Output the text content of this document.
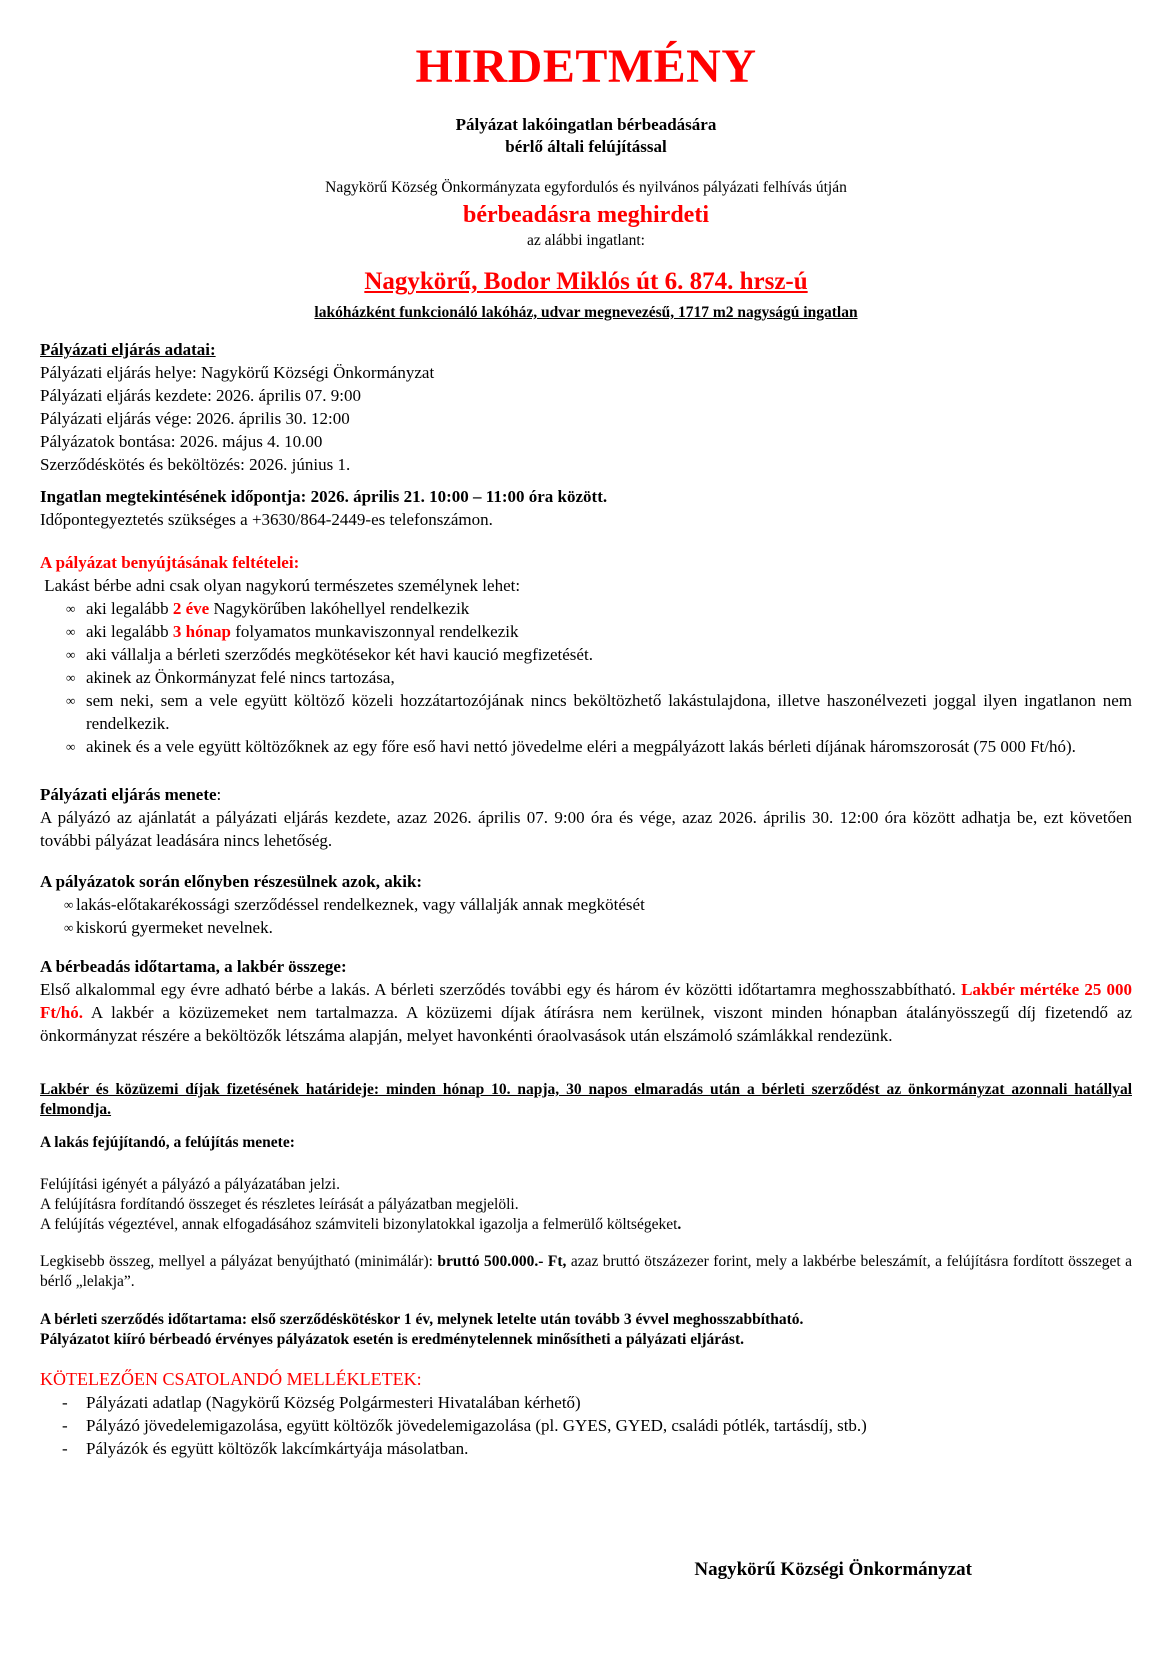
HIRDETMÉNY
Pályázat lakóingatlan bérbeadására
bérlő általi felújítással
Nagykörű Község Önkormányzata egyfordulós és nyilvános pályázati felhívás útján
bérbeadásra meghirdeti
az alábbi ingatlant:
Nagykörű, Bodor Miklós út 6. 874. hrsz-ú
lakóházként funkcionáló lakóház, udvar megnevezésű, 1717 m2 nagyságú ingatlan
Pályázati eljárás adatai:
Pályázati eljárás helye: Nagykörű Községi Önkormányzat
Pályázati eljárás kezdete: 2026. április 07. 9:00
Pályázati eljárás vége: 2026. április 30. 12:00
Pályázatok bontása: 2026. május 4. 10.00
Szerződéskötés és beköltözés: 2026. június 1.
Ingatlan megtekintésének időpontja: 2026. április 21. 10:00 – 11:00 óra között.
Időpontegyeztetés szükséges a +3630/864-2449-es telefonszámon.
A pályázat benyújtásának feltételei:
Lakást bérbe adni csak olyan nagykorú természetes személynek lehet:
∞ aki legalább 2 éve Nagykörűben lakóhellyel rendelkezik
∞ aki legalább 3 hónap folyamatos munkaviszonnyal rendelkezik
∞ aki vállalja a bérleti szerződés megkötésekor két havi kaució megfizetését.
∞ akinek az Önkormányzat felé nincs tartozása,
∞ sem neki, sem a vele együtt költöző közeli hozzátartozójának nincs beköltözhető lakástulajdona, illetve haszonélvezeti joggal ilyen ingatlanon nem rendelkezik.
∞ akinek és a vele együtt költözőknek az egy főre eső havi nettó jövedelme eléri a megpályázott lakás bérleti díjának háromszorosát (75 000 Ft/hó).
Pályázati eljárás menete:
A pályázó az ajánlatát a pályázati eljárás kezdete, azaz 2026. április 07. 9:00 óra és vége, azaz 2026. április 30. 12:00 óra között adhatja be, ezt követően további pályázat leadására nincs lehetőség.
A pályázatok során előnyben részesülnek azok, akik:
∞ lakás-előtakarékossági szerződéssel rendelkeznek, vagy vállalják annak megkötését
∞ kiskorú gyermeket nevelnek.
A bérbeadás időtartama, a lakbér összege:
Első alkalommal egy évre adható bérbe a lakás. A bérleti szerződés további egy és három év közötti időtartamra meghosszabbítható. Lakbér mértéke 25 000 Ft/hó. A lakbér a közüzemeket nem tartalmazza. A közüzemi díjak átírásra nem kerülnek, viszont minden hónapban átalányösszegű díj fizetendő az önkormányzat részére a beköltözők létszáma alapján, melyet havonkénti óraolvasások után elszámoló számlákkal rendezünk.
Lakbér és közüzemi díjak fizetésének határideje: minden hónap 10. napja, 30 napos elmaradás után a bérleti szerződést az önkormányzat azonnali hatállyal felmondja.
A lakás fejújítandó, a felújítás menete:
Felújítási igényét a pályázó a pályázatában jelzi.
A felújításra fordítandó összeget és részletes leírását a pályázatban megjelöli.
A felújítás végeztével, annak elfogadásához számviteli bizonylatokkal igazolja a felmerülő költségeket.
Legkisebb összeg, mellyel a pályázat benyújtható (minimálár): bruttó 500.000.- Ft, azaz bruttó ötszázezer forint, mely a lakbérbe beleszámít, a felújításra fordított összeget a bérlő „lelakja”.
A bérleti szerződés időtartama: első szerződéskötéskor 1 év, melynek letelte után tovább 3 évvel meghosszabbítható.
Pályázatot kiíró bérbeadó érvényes pályázatok esetén is eredménytelennek minősítheti a pályázati eljárást.
KÖTELEZŐEN CSATOLANDÓ MELLÉKLETEK:
- Pályázati adatlap (Nagykörű Község Polgármesteri Hivatalában kérhető)
- Pályázó jövedelemigazolása, együtt költözők jövedelemigazolása (pl. GYES, GYED, családi pótlék, tartásdíj, stb.)
- Pályázók és együtt költözők lakcímkártyája másolatban.
Nagykörű Községi Önkormányzat
